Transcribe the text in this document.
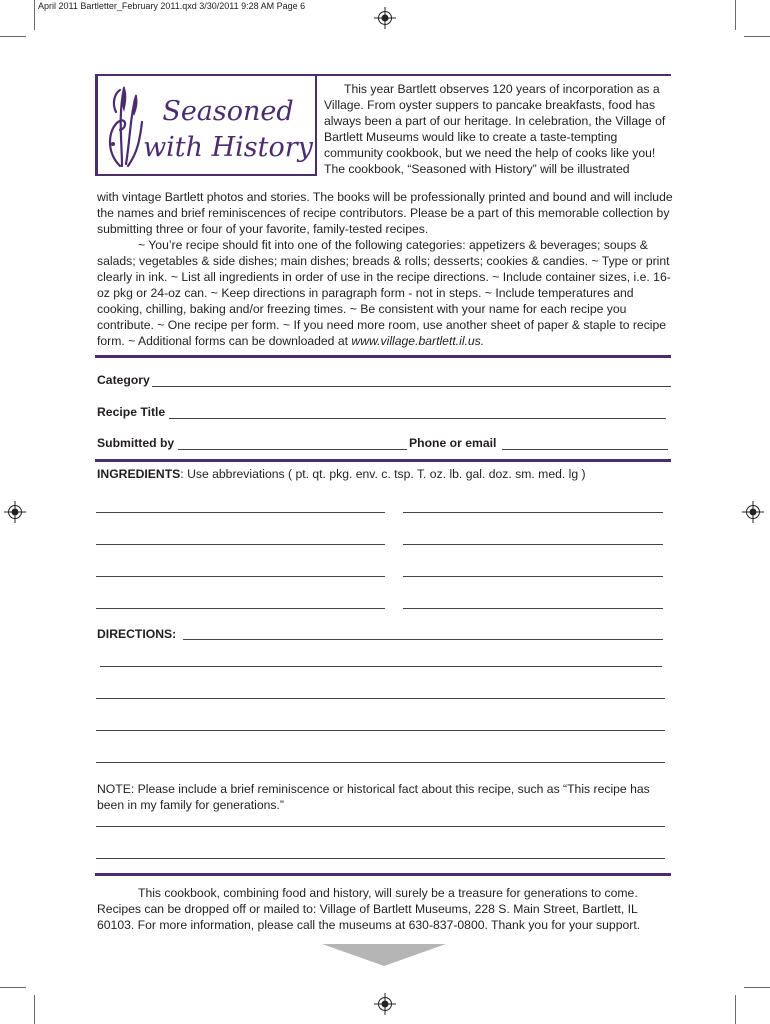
April 2011 Bartletter_February 2011.qxd 3/30/2011 9:28 AM Page 6
Seasoned
with History

This year Bartlett observes 120 years of incorporation as a Village. From oyster suppers to pancake breakfasts, food has always been a part of our heritage. In celebration, the Village of Bartlett Museums would like to create a taste-tempting community cookbook, but we need the help of cooks like you!
The cookbook, “Seasoned with History” will be illustrated

with vintage Bartlett photos and stories. The books will be professionally printed and bound and will include the names and brief reminiscences of recipe contributors. Please be a part of this memorable collection by submitting three or four of your favorite, family-tested recipes.

~ You’re recipe should fit into one of the following categories: appetizers & beverages; soups & salads; vegetables & side dishes; main dishes; breads & rolls; desserts; cookies & candies. ~ Type or print clearly in ink. ~ List all ingredients in order of use in the recipe directions. ~ Include container sizes, i.e. 16-oz pkg or 24-oz can. ~ Keep directions in paragraph form - not in steps. ~ Include temperatures and cooking, chilling, baking and/or freezing times. ~ Be consistent with your name for each recipe you contribute. ~ One recipe per form. ~ If you need more room, use another sheet of paper & staple to recipe form. ~ Additional forms can be downloaded at www.village.bartlett.il.us.

Category
Recipe Title
Submitted by	Phone or email
INGREDIENTS: Use abbreviations ( pt. qt. pkg. env. c. tsp. T. oz. lb. gal. doz. sm. med. lg )
DIRECTIONS:

NOTE: Please include a brief reminiscence or historical fact about this recipe, such as “This recipe has been in my family for generations.”

This cookbook, combining food and history, will surely be a treasure for generations to come. Recipes can be dropped off or mailed to: Village of Bartlett Museums, 228 S. Main Street, Bartlett, IL 60103. For more information, please call the museums at 630-837-0800. Thank you for your support.
